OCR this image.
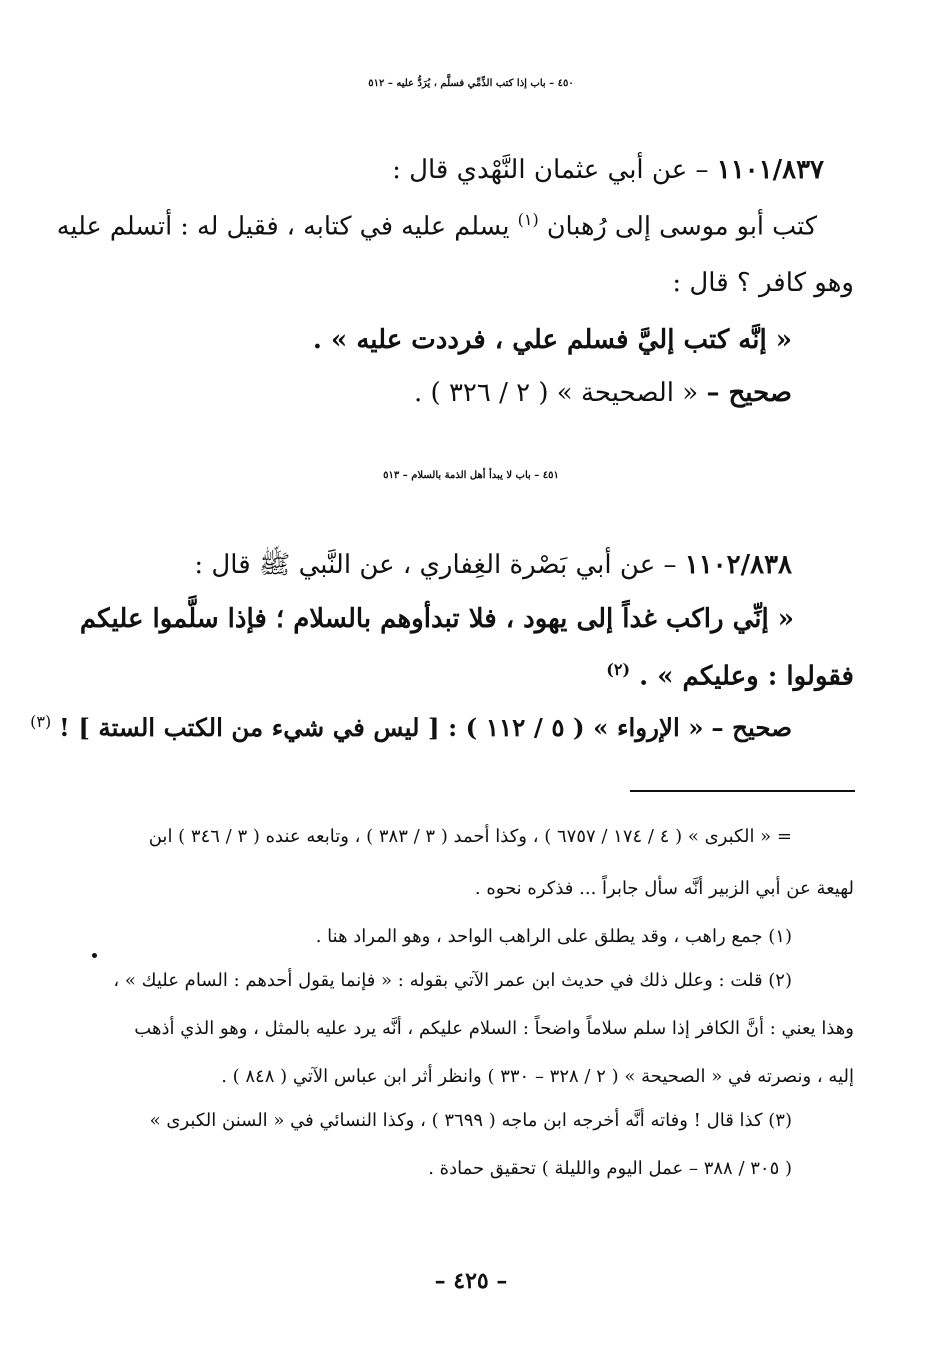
٤٥٠ – باب إذا كتب الذِّمِّي فسلَّم ، يُرَدُّ عليه – ٥١٢
١١٠١/٨٣٧ – عن أبي عثمان النَّهْدي قال :
كتب أبو موسى إلى رُهبان $^{(١)}$ يسلم عليه في كتابه ، فقيل له : أتسلم عليه
وهو كافر ؟ قال :
« إنَّه كتب إليَّ فسلم علي ، فرددت عليه » .
صحيح – « الصحيحة » ( ٢ / ٣٢٦ ) .
٤٥١ – باب لا يبدأ أهل الذمة بالسلام – ٥١٣
١١٠٢/٨٣٨ – عن أبي بَصْرة الغِفاري ، عن النَّبي ﷺ قال :
« إنِّي راكب غداً إلى يهود ، فلا تبدأوهم بالسلام ؛ فإذا سلَّموا عليكم
فقولوا : وعليكم » . $^{(٢)}$
صحيح – « الإرواء » ( ٥ / ١١٢ ) : [ ليس في شيء من الكتب الستة ] ! $^{(٣)}$
= « الكبرى » ( ٤ / ١٧٤ / ٦٧٥٧ ) ، وكذا أحمد ( ٣ / ٣٨٣ ) ، وتابعه عنده ( ٣ / ٣٤٦ ) ابن
لهيعة عن أبي الزبير أنَّه سأل جابراً ... فذكره نحوه .
(١) جمع راهب ، وقد يطلق على الراهب الواحد ، وهو المراد هنا .
(٢) قلت : وعلل ذلك في حديث ابن عمر الآتي بقوله : « فإنما يقول أحدهم : السام عليك » ،
وهذا يعني : أنَّ الكافر إذا سلم سلاماً واضحاً : السلام عليكم ، أنَّه يرد عليه بالمثل ، وهو الذي أذهب
إليه ، ونصرته في « الصحيحة » ( ٢ / ٣٢٨ – ٣٣٠ ) وانظر أثر ابن عباس الآتي ( ٨٤٨ ) .
(٣) كذا قال ! وفاته أنَّه أخرجه ابن ماجه ( ٣٦٩٩ ) ، وكذا النسائي في « السنن الكبرى »
( ٣٠٥ / ٣٨٨ – عمل اليوم والليلة ) تحقيق حمادة .
– ٤٢٥ –
